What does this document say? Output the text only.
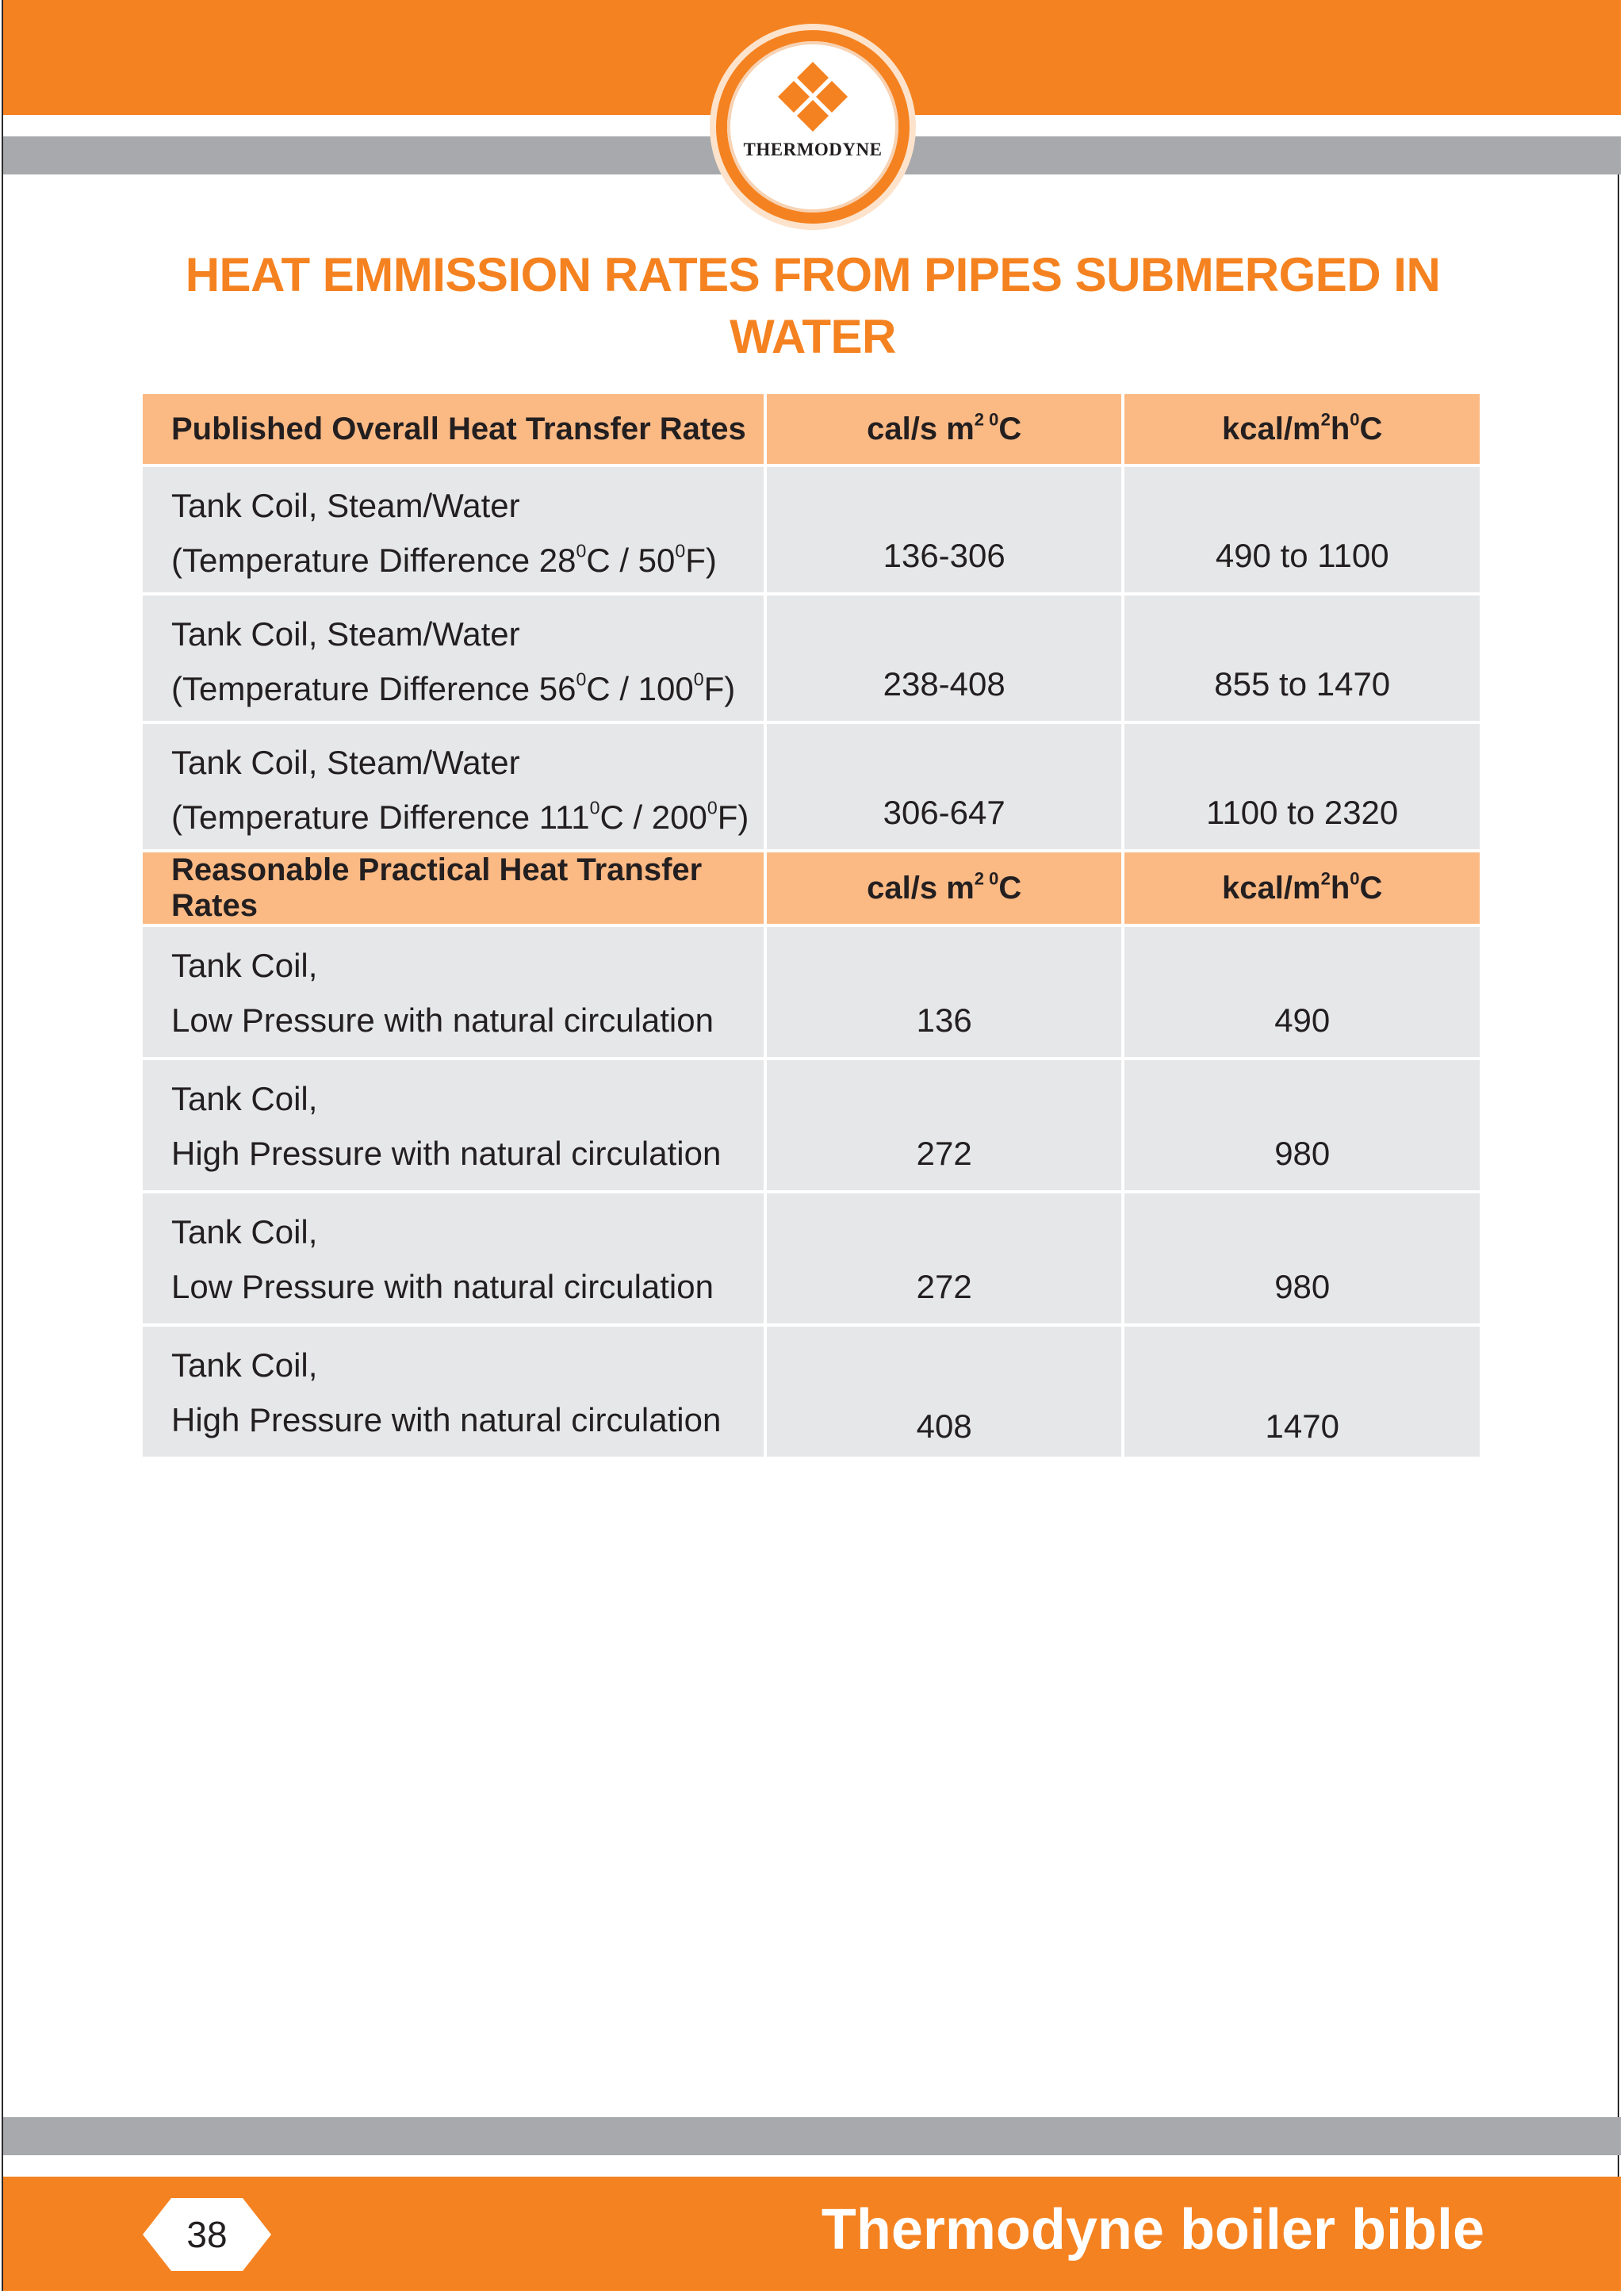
THERMODYNE
HEAT EMMISSION RATES FROM PIPES SUBMERGED IN
WATER
Published Overall Heat Transfer Rates	cal/s $m^{2 0}C$	kcal/$m^2h^0C$

Tank Coil, Steam/Water
(Temperature Difference $28^0C / 50^0F$)	136-306	490 to 1100

Tank Coil, Steam/Water
(Temperature Difference $56^0C / 100^0F$)	238-408	855 to 1470

Tank Coil, Steam/Water
(Temperature Difference $111^0C / 200^0F$)	306-647	1100 to 2320
Reasonable Practical Heat Transfer Rates	cal/s $m^{2 0}C$	kcal/$m^2h^0C$

Tank Coil,
Low Pressure with natural circulation	136	490

Tank Coil,
High Pressure with natural circulation	272	980

Tank Coil,
Low Pressure with natural circulation	272	980

Tank Coil,
High Pressure with natural circulation	408	1470
38	Thermodyne boiler bible
